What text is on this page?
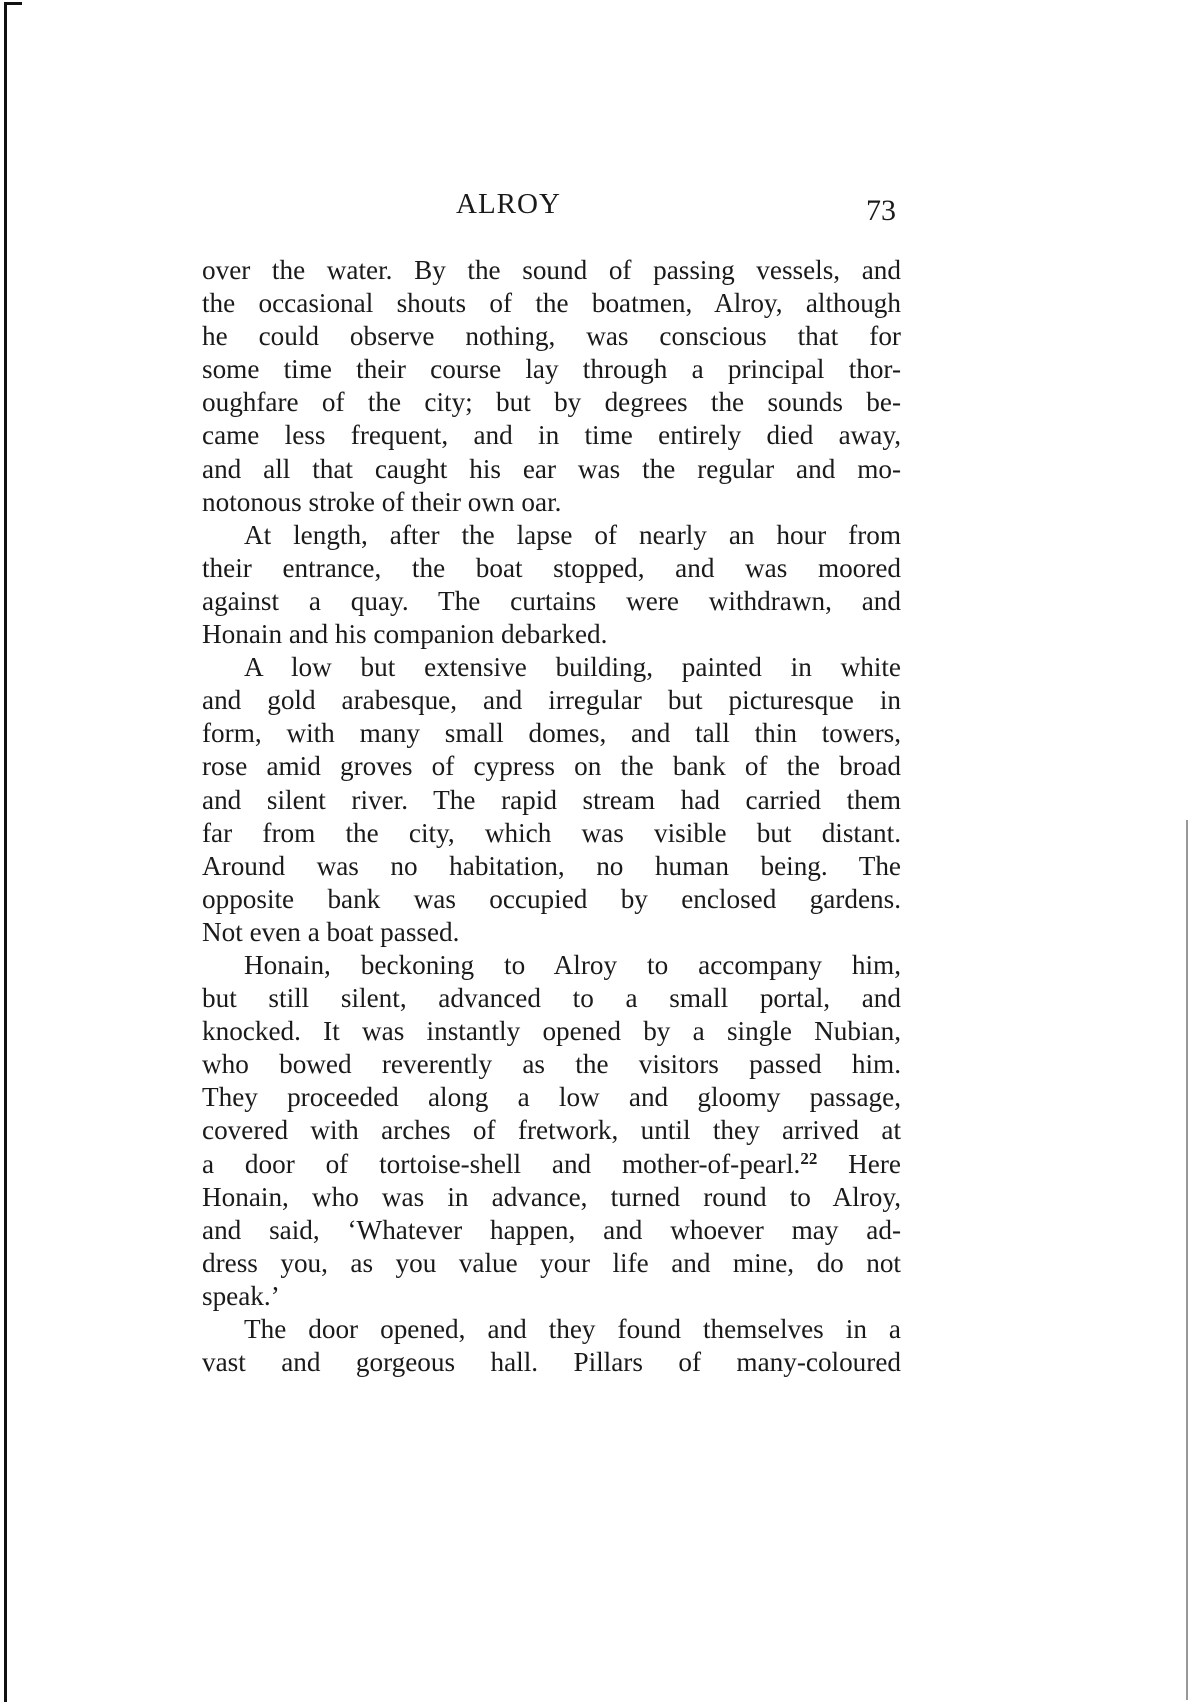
ALROY	73
over the water. By the sound of passing vessels, and
the occasional shouts of the boatmen, Alroy, although
he could observe nothing, was conscious that for
some time their course lay through a principal thor-
oughfare of the city; but by degrees the sounds be-
came less frequent, and in time entirely died away,
and all that caught his ear was the regular and mo-
notonous stroke of their own oar.
At length, after the lapse of nearly an hour from
their entrance, the boat stopped, and was moored
against a quay. The curtains were withdrawn, and
Honain and his companion debarked.
A low but extensive building, painted in white
and gold arabesque, and irregular but picturesque in
form, with many small domes, and tall thin towers,
rose amid groves of cypress on the bank of the broad
and silent river. The rapid stream had carried them
far from the city, which was visible but distant.
Around was no habitation, no human being. The
opposite bank was occupied by enclosed gardens.
Not even a boat passed.
Honain, beckoning to Alroy to accompany him,
but still silent, advanced to a small portal, and
knocked. It was instantly opened by a single Nubian,
who bowed reverently as the visitors passed him.
They proceeded along a low and gloomy passage,
covered with arches of fretwork, until they arrived at
a door of tortoise-shell and mother-of-pearl.$^{22}$ Here
Honain, who was in advance, turned round to Alroy,
and said, ‘Whatever happen, and whoever may ad-
dress you, as you value your life and mine, do not
speak.’
The door opened, and they found themselves in a
vast and gorgeous hall. Pillars of many-coloured
